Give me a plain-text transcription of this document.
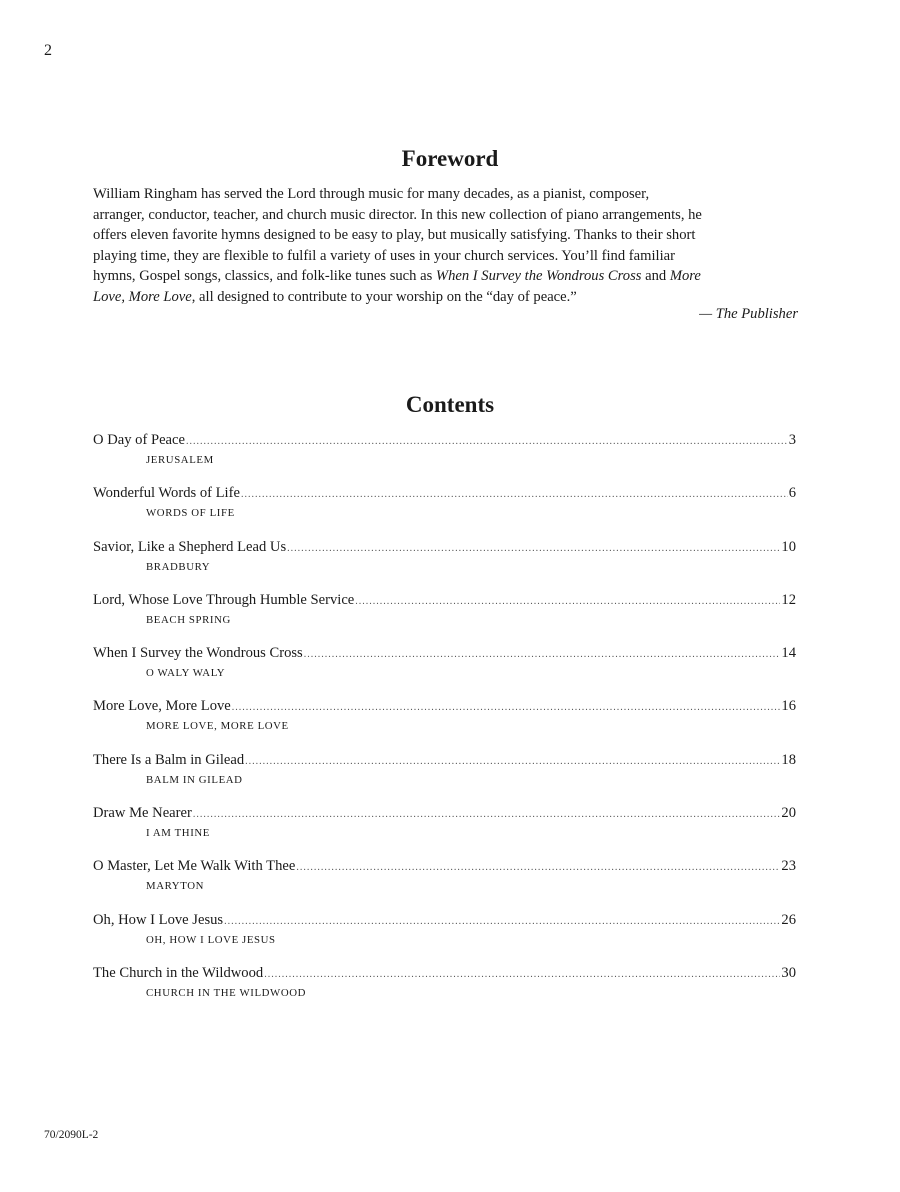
2
Foreword

William Ringham has served the Lord through music for many decades, as a pianist, composer,
arranger, conductor, teacher, and church music director. In this new collection of piano arrangements, he
offers eleven favorite hymns designed to be easy to play, but musically satisfying. Thanks to their short
playing time, they are flexible to fulfil a variety of uses in your church services. You’ll find familiar
hymns, Gospel songs, classics, and folk-like tunes such as When I Survey the Wondrous Cross and More
Love, More Love, all designed to contribute to your worship on the “day of peace.”

— The Publisher
Contents
O Day of Peace .....	3
JERUSALEM
Wonderful Words of Life .....	6
WORDS OF LIFE
Savior, Like a Shepherd Lead Us .....	10
BRADBURY
Lord, Whose Love Through Humble Service .....	12
BEACH SPRING
When I Survey the Wondrous Cross .....	14
O WALY WALY
More Love, More Love .....	16
MORE LOVE, MORE LOVE
There Is a Balm in Gilead .....	18
BALM IN GILEAD
Draw Me Nearer .....	20
I AM THINE
O Master, Let Me Walk With Thee .....	23
MARYTON
Oh, How I Love Jesus .....	26
OH, HOW I LOVE JESUS
The Church in the Wildwood .....	30
CHURCH IN THE WILDWOOD
70/2090L-2
